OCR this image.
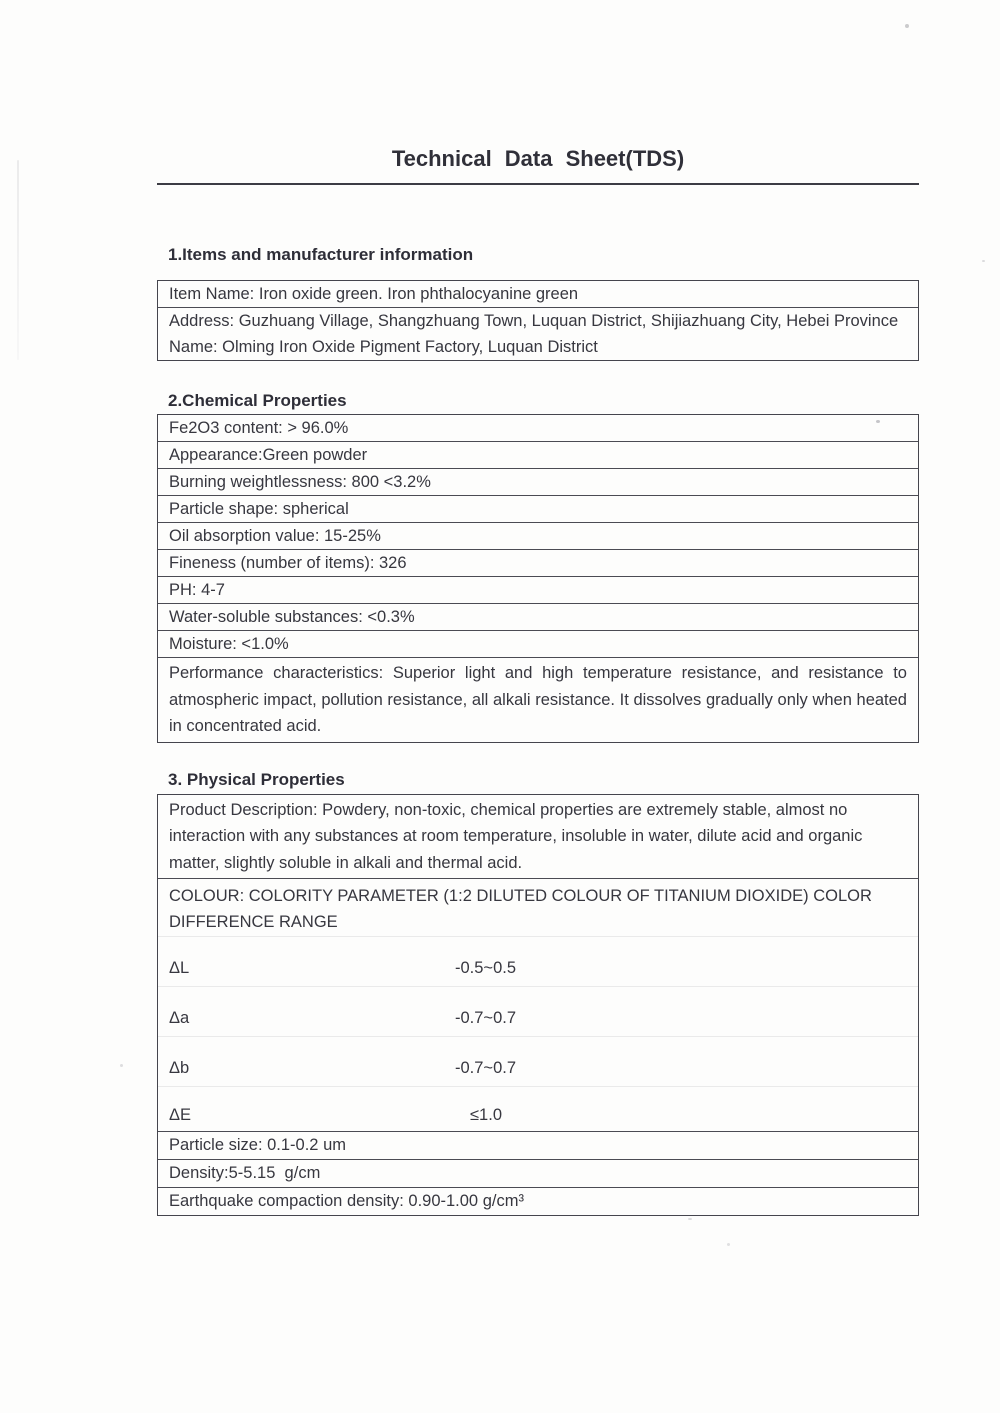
Technical Data Sheet(TDS)
1.Items and manufacturer information
Item Name: Iron oxide green. Iron phthalocyanine green
Address: Guzhuang Village, Shangzhuang Town, Luquan District, Shijiazhuang City, Hebei Province
Name: Olming Iron Oxide Pigment Factory, Luquan District
2.Chemical Properties
Fe2O3 content: > 96.0%
Appearance:Green powder
Burning weightlessness: 800 <3.2%
Particle shape: spherical
Oil absorption value: 15-25%
Fineness (number of items): 326
PH: 4-7
Water-soluble substances: <0.3%
Moisture: <1.0%
Performance characteristics: Superior light and high temperature resistance, and resistance to atmospheric impact, pollution resistance, all alkali resistance. It dissolves gradually only when heated in concentrated acid.
3. Physical Properties
Product Description: Powdery, non-toxic, chemical properties are extremely stable, almost no interaction with any substances at room temperature, insoluble in water, dilute acid and organic matter, slightly soluble in alkali and thermal acid.
COLOUR: COLORITY PARAMETER (1:2 DILUTED COLOUR OF TITANIUM DIOXIDE) COLOR DIFFERENCE RANGE
ΔL	-0.5~0.5
Δa	-0.7~0.7
Δb	-0.7~0.7
ΔE	≤1.0
Particle size: 0.1-0.2 um
Density:5-5.15  g/cm
Earthquake compaction density: 0.90-1.00 g/cm³
